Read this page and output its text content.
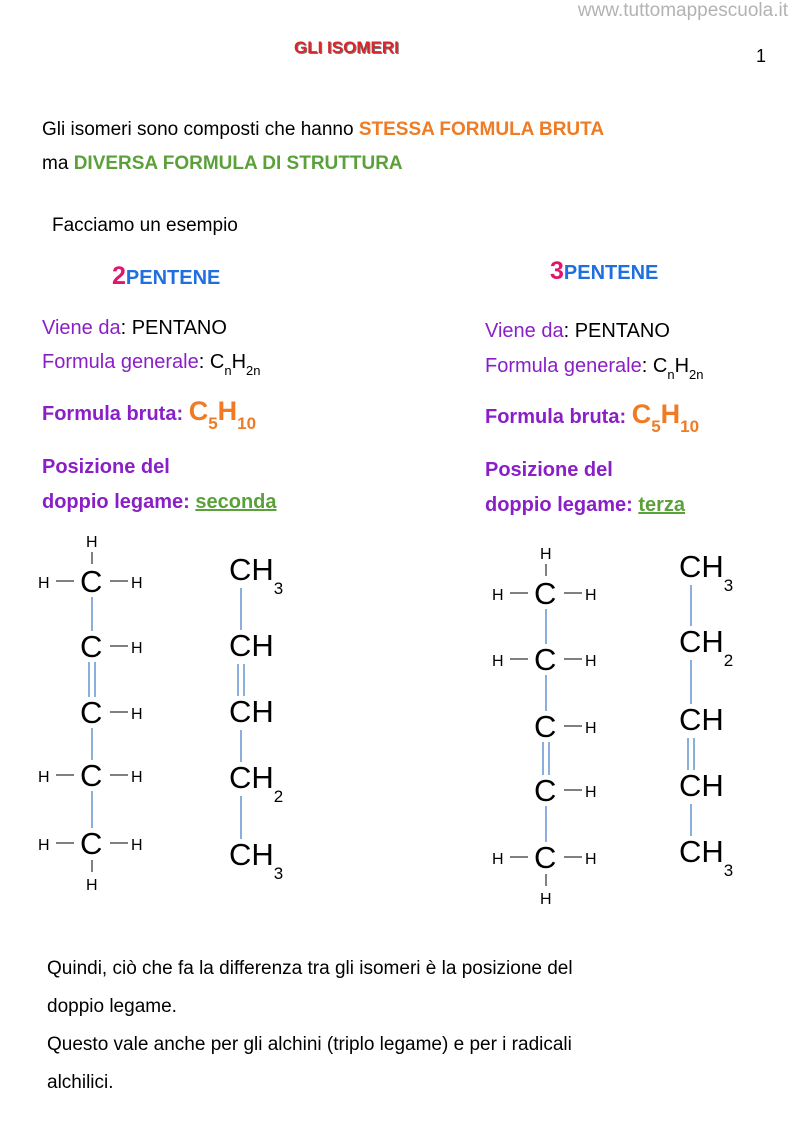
www.tuttomappescuola.it
GLI ISOMERI	1
Gli isomeri sono composti che hanno STESSA FORMULA BRUTA
ma DIVERSA FORMULA DI STRUTTURA
Facciamo un esempio
2PENTENE
Viene da: PENTANO
Formula generale: $C_nH_{2n}$
Formula bruta: $C_5H_{10}$
Posizione del
doppio legame: seconda
3PENTENE
Viene da: PENTANO
Formula generale: $C_nH_{2n}$
Formula bruta: $C_5H_{10}$
Posizione del
doppio legame: terza
C
H	H
H
C H
C H
C
H	H
C
H	H
H
C
H	H
H
C
H	H
C H
C H
C
H	H
H
$CH_3$
CH
CH
$CH_2$
$CH_3$
$CH_3$
$CH_2$
CH
CH
$CH_3$
Quindi, ciò che fa la differenza tra gli isomeri è la posizione del
doppio legame.
Questo vale anche per gli alchini (triplo legame) e per i radicali
alchilici.
